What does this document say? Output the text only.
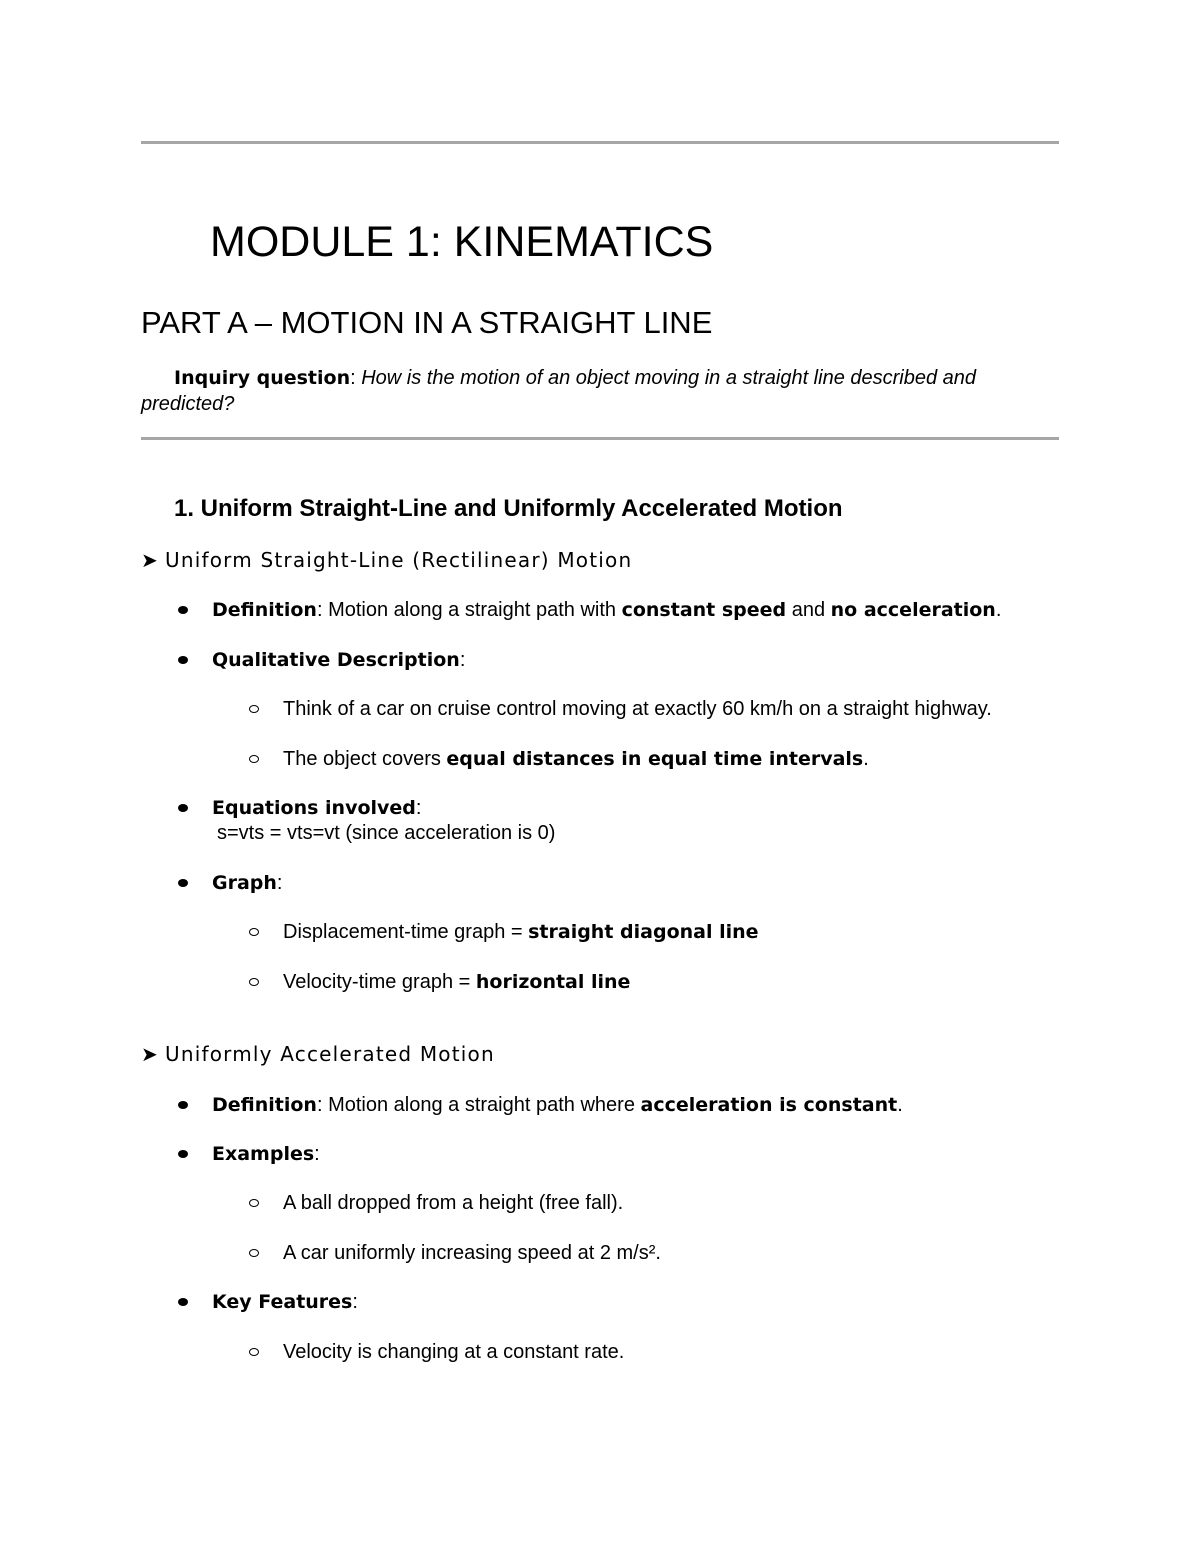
MODULE 1: KINEMATICS
PART A – MOTION IN A STRAIGHT LINE
Inquiry question: How is the motion of an object moving in a straight line described and predicted?
1. Uniform Straight-Line and Uniformly Accelerated Motion
➤ Uniform Straight-Line (Rectilinear) Motion
Definition: Motion along a straight path with constant speed and no acceleration.
Qualitative Description:
Think of a car on cruise control moving at exactly 60 km/h on a straight highway.
The object covers equal distances in equal time intervals.
Equations involved:
s=vts = vts=vt (since acceleration is 0)
Graph:
Displacement-time graph = straight diagonal line
Velocity-time graph = horizontal line
➤ Uniformly Accelerated Motion
Definition: Motion along a straight path where acceleration is constant.
Examples:
A ball dropped from a height (free fall).
A car uniformly increasing speed at 2 m/s².
Key Features:
Velocity is changing at a constant rate.
